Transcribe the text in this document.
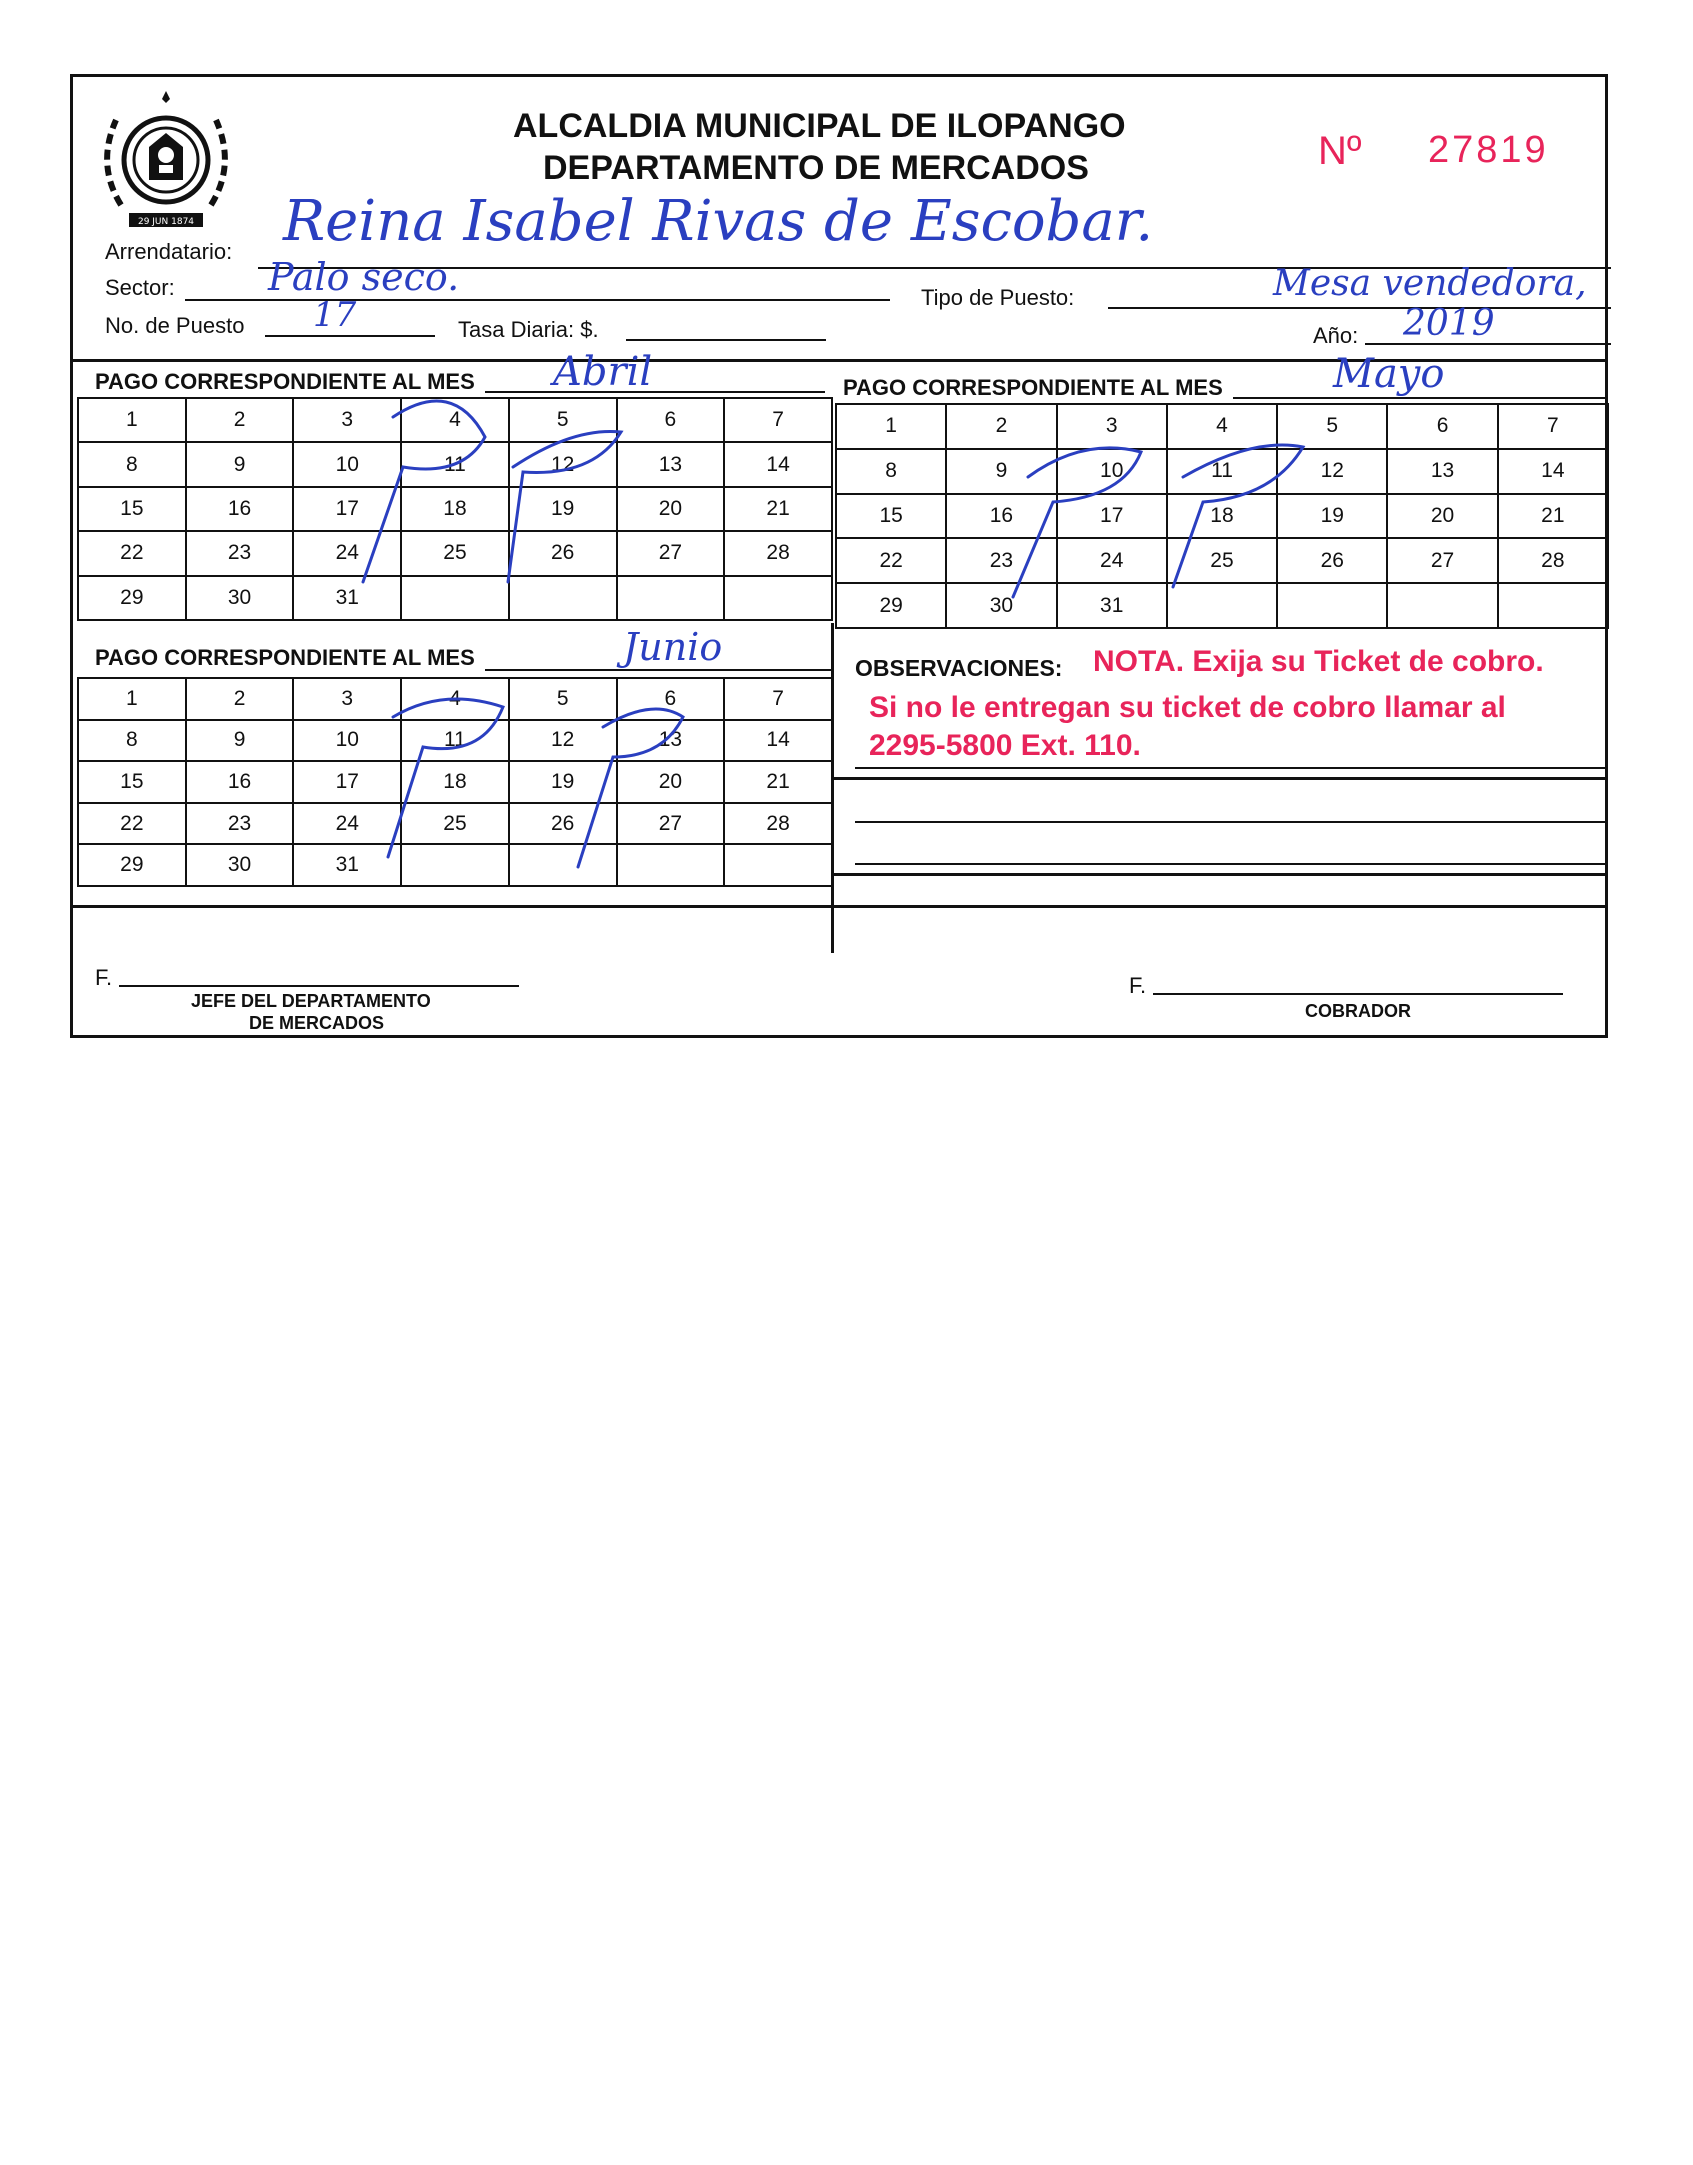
29 JUN 1874
ALCALDIA MUNICIPAL DE ILOPANGO
DEPARTAMENTO DE MERCADOS	Nº 27819
Arrendatario: Reina Isabel Rivas de Escobar.
Sector: Palo seco.	Tipo de Puesto:	Mesa vendedora,
No. de Puesto 17	Tasa Diaria: $.	Año: 2019
PAGO CORRESPONDIENTE AL MES Abril	PAGO CORRESPONDIENTE AL MES	Mayo
1	2	3	4	5	6	7
8	9	10	11	12	13	14
15	16	17	18	19	20	21
22	23	24	25	26	27	28
29	30	31				
1	2	3	4	5	6	7
8	9	10	11	12	13	14
15	16	17	18	19	20	21
22	23	24	25	26	27	28
29	30	31				
PAGO CORRESPONDIENTE AL MES	Junio
1	2	3	4	5	6	7
8	9	10	11	12	13	14
15	16	17	18	19	20	21
22	23	24	25	26	27	28
29	30	31				
OBSERVACIONES: NOTA. Exija su Ticket de cobro.
Si no le entregan su ticket de cobro llamar al
2295-5800 Ext. 110.
F.
JEFE DEL DEPARTAMENTO
DE MERCADOS
F.
COBRADOR
